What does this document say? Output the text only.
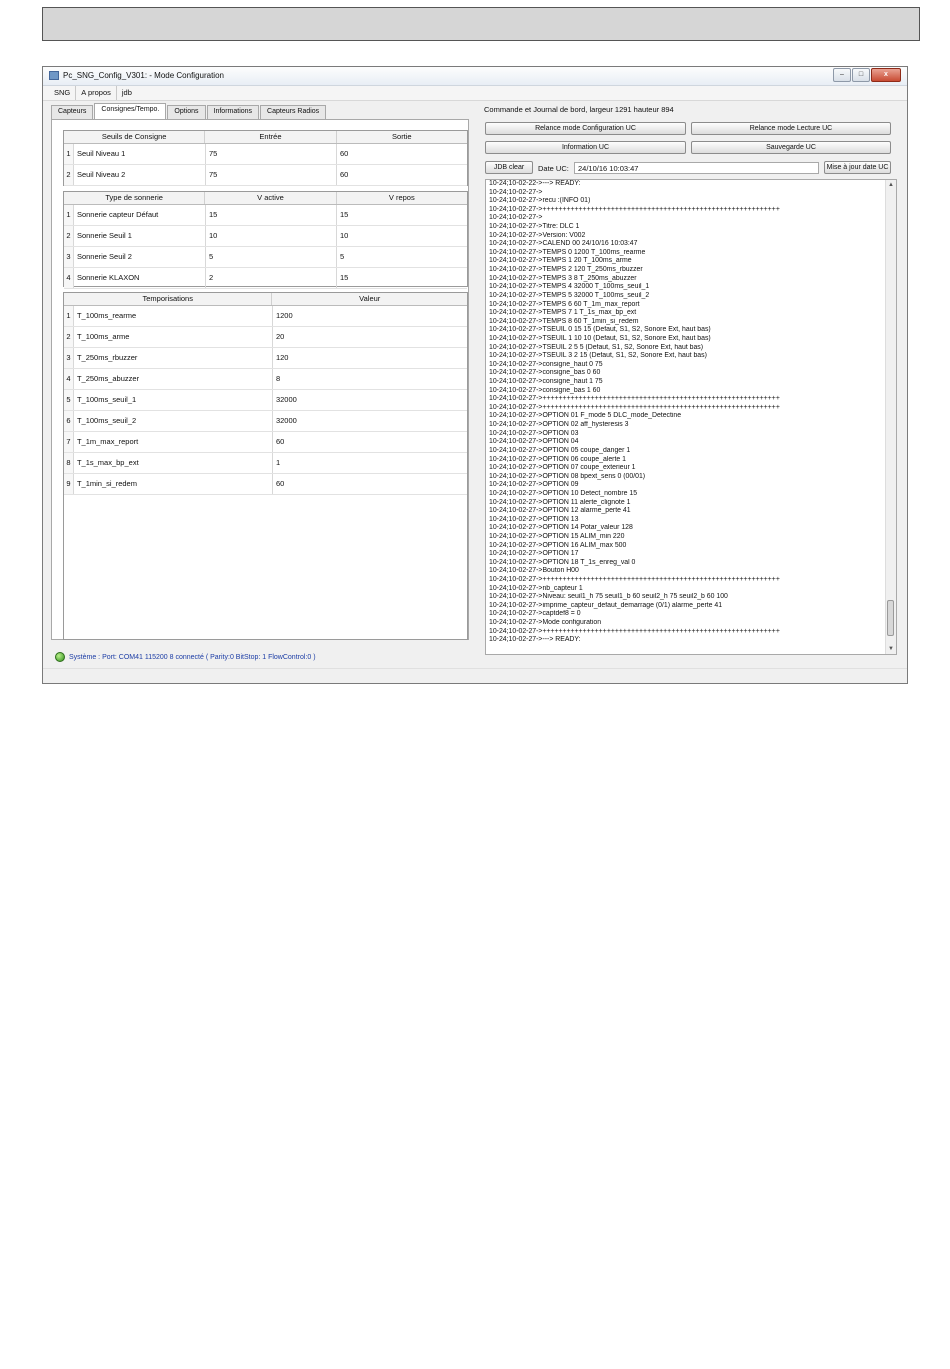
Pc_SNG_Config_V301: - Mode Configuration	–	□	x
SNG	A propos	jdb
Capteurs	Consignes/Tempo.	Options	Informations	Capteurs Radios
Seuils de Consigne	Entrée	Sortie
1 Seuil Niveau 1	75	60
2 Seuil Niveau 2	75	60
Type de sonnerie	V active	V repos
1 Sonnerie capteur Défaut	15	15
2 Sonnerie Seuil 1	10	10
3 Sonnerie Seuil 2	5	5
4 Sonnerie KLAXON	2	15
Temporisations	Valeur
1 T_100ms_rearme	1200
2 T_100ms_arme	20
3 T_250ms_rbuzzer	120
4 T_250ms_abuzzer	8
5 T_100ms_seuil_1	32000
6 T_100ms_seuil_2	32000
7 T_1m_max_report	60
8 T_1s_max_bp_ext	1
9 T_1min_si_redem	60
Système : Port: COM41 115200 8 connecté ( Parity:0 BitStop: 1 FlowControl:0 )
Commande et Journal de bord, largeur 1291 hauteur 894
Relance mode Configuration UC	Relance mode Lecture UC
Information UC	Sauvegarde UC
JDB clear	Date UC:	24/10/16 10:03:47	Mise à jour date UC
10-24;10-02-22->---> READY:
10-24;10-02-27->
10-24;10-02-27->recu :(INFO 01)
10-24;10-02-27->+++++++++++++++++++++++++++++++++++++++++++++++++++++++++++
10-24;10-02-27->
10-24;10-02-27->Titre: DLC 1
10-24;10-02-27->Version: V002
10-24;10-02-27->CALEND 00 24/10/16 10:03:47
10-24;10-02-27->TEMPS 0 1200 T_100ms_rearme
10-24;10-02-27->TEMPS 1 20 T_100ms_arme
10-24;10-02-27->TEMPS 2 120 T_250ms_rbuzzer
10-24;10-02-27->TEMPS 3 8 T_250ms_abuzzer
10-24;10-02-27->TEMPS 4 32000 T_100ms_seuil_1
10-24;10-02-27->TEMPS 5 32000 T_100ms_seuil_2
10-24;10-02-27->TEMPS 6 60 T_1m_max_report
10-24;10-02-27->TEMPS 7 1 T_1s_max_bp_ext
10-24;10-02-27->TEMPS 8 60 T_1min_si_redem
10-24;10-02-27->TSEUIL 0 15 15 (Defaut, S1, S2, Sonore Ext, haut bas)
10-24;10-02-27->TSEUIL 1 10 10 (Defaut, S1, S2, Sonore Ext, haut bas)
10-24;10-02-27->TSEUIL 2 5 5 (Defaut, S1, S2, Sonore Ext, haut bas)
10-24;10-02-27->TSEUIL 3 2 15 (Defaut, S1, S2, Sonore Ext, haut bas)
10-24;10-02-27->consigne_haut 0 75
10-24;10-02-27->consigne_bas 0 60
10-24;10-02-27->consigne_haut 1 75
10-24;10-02-27->consigne_bas 1 60
10-24;10-02-27->+++++++++++++++++++++++++++++++++++++++++++++++++++++++++++
10-24;10-02-27->+++++++++++++++++++++++++++++++++++++++++++++++++++++++++++
10-24;10-02-27->OPTION 01 F_mode 5 DLC_mode_Detectine
10-24;10-02-27->OPTION 02 aff_hysteresis 3
10-24;10-02-27->OPTION 03
10-24;10-02-27->OPTION 04
10-24;10-02-27->OPTION 05 coupe_danger 1
10-24;10-02-27->OPTION 06 coupe_alerte 1
10-24;10-02-27->OPTION 07 coupe_exterieur 1
10-24;10-02-27->OPTION 08 bpext_sens 0 (00/01)
10-24;10-02-27->OPTION 09
10-24;10-02-27->OPTION 10 Detect_nombre 15
10-24;10-02-27->OPTION 11 alerte_clignote 1
10-24;10-02-27->OPTION 12 alarme_perte 41
10-24;10-02-27->OPTION 13
10-24;10-02-27->OPTION 14 Potar_valeur 128
10-24;10-02-27->OPTION 15 ALIM_min 220
10-24;10-02-27->OPTION 16 ALIM_max 500
10-24;10-02-27->OPTION 17
10-24;10-02-27->OPTION 18 T_1s_enreg_val 0
10-24;10-02-27->Bouton H00
10-24;10-02-27->+++++++++++++++++++++++++++++++++++++++++++++++++++++++++++
10-24;10-02-27->nb_capteur 1
10-24;10-02-27->Niveau: seuil1_h 75 seuil1_b 60 seuil2_h 75 seuil2_b 60 100
10-24;10-02-27->imprime_capteur_defaut_demarrage (0/1) alarme_perte 41
10-24;10-02-27->captdef8 = 0
10-24;10-02-27->Mode configuration
10-24;10-02-27->+++++++++++++++++++++++++++++++++++++++++++++++++++++++++++
10-24;10-02-27->---> READY:
▲
▼
